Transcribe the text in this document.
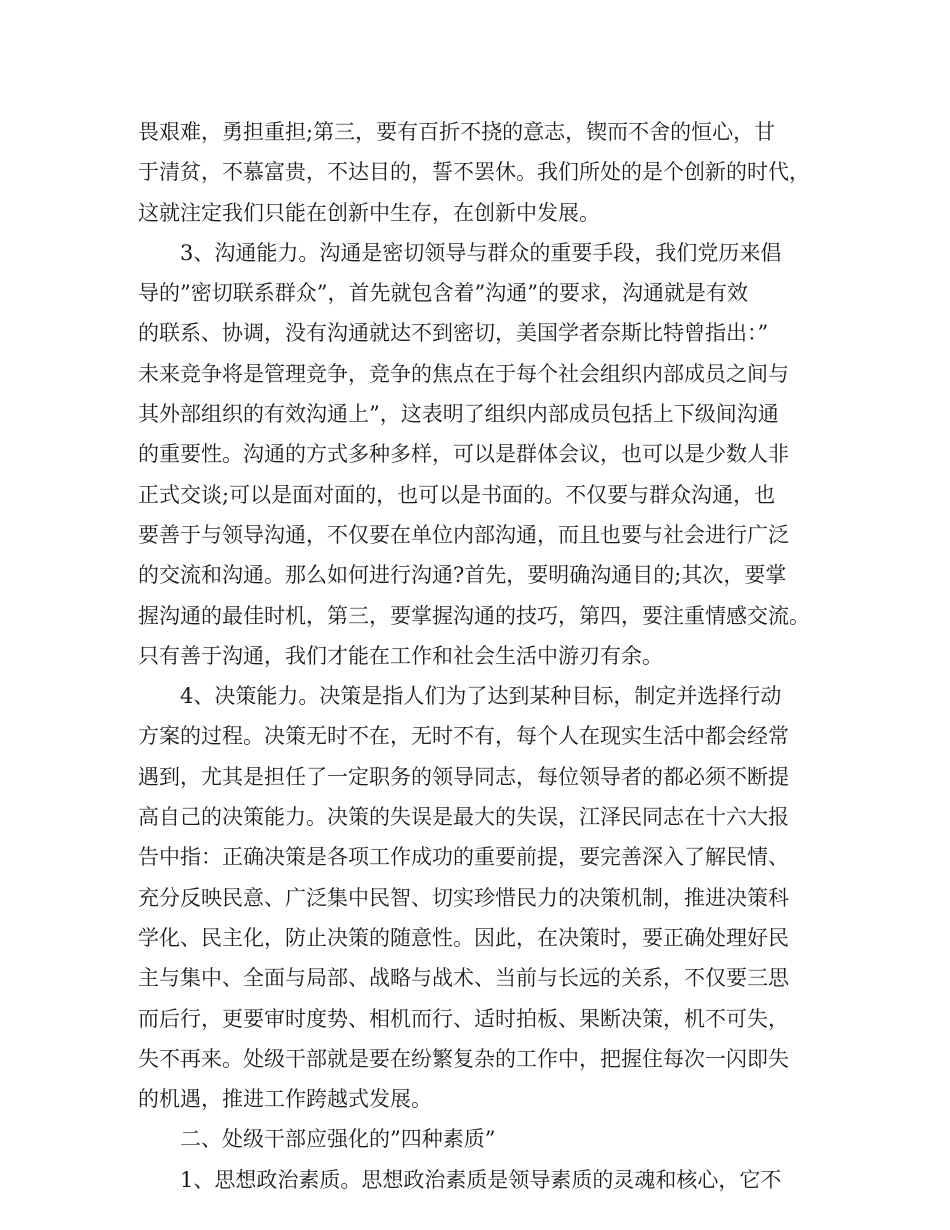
畏艰难，勇担重担;第三，要有百折不挠的意志，锲而不舍的恒心，甘
于清贫，不慕富贵，不达目的，誓不罢休。我们所处的是个创新的时代，
这就注定我们只能在创新中生存，在创新中发展。
3、沟通能力。沟通是密切领导与群众的重要手段，我们党历来倡
导的”密切联系群众”，首先就包含着”沟通”的要求，沟通就是有效
的联系、协调，没有沟通就达不到密切，美国学者奈斯比特曾指出：”
未来竞争将是管理竞争，竞争的焦点在于每个社会组织内部成员之间与
其外部组织的有效沟通上”，这表明了组织内部成员包括上下级间沟通
的重要性。沟通的方式多种多样，可以是群体会议，也可以是少数人非
正式交谈;可以是面对面的，也可以是书面的。不仅要与群众沟通，也
要善于与领导沟通，不仅要在单位内部沟通，而且也要与社会进行广泛
的交流和沟通。那么如何进行沟通?首先，要明确沟通目的;其次，要掌
握沟通的最佳时机，第三，要掌握沟通的技巧，第四，要注重情感交流。
只有善于沟通，我们才能在工作和社会生活中游刃有余。
4、决策能力。决策是指人们为了达到某种目标，制定并选择行动
方案的过程。决策无时不在，无时不有，每个人在现实生活中都会经常
遇到，尤其是担任了一定职务的领导同志，每位领导者的都必须不断提
高自己的决策能力。决策的失误是最大的失误，江泽民同志在十六大报
告中指：正确决策是各项工作成功的重要前提，要完善深入了解民情、
充分反映民意、广泛集中民智、切实珍惜民力的决策机制，推进决策科
学化、民主化，防止决策的随意性。因此，在决策时，要正确处理好民
主与集中、全面与局部、战略与战术、当前与长远的关系，不仅要三思
而后行，更要审时度势、相机而行、适时拍板、果断决策，机不可失，
失不再来。处级干部就是要在纷繁复杂的工作中，把握住每次一闪即失
的机遇，推进工作跨越式发展。
二、处级干部应强化的”四种素质”
1、思想政治素质。思想政治素质是领导素质的灵魂和核心，它不
